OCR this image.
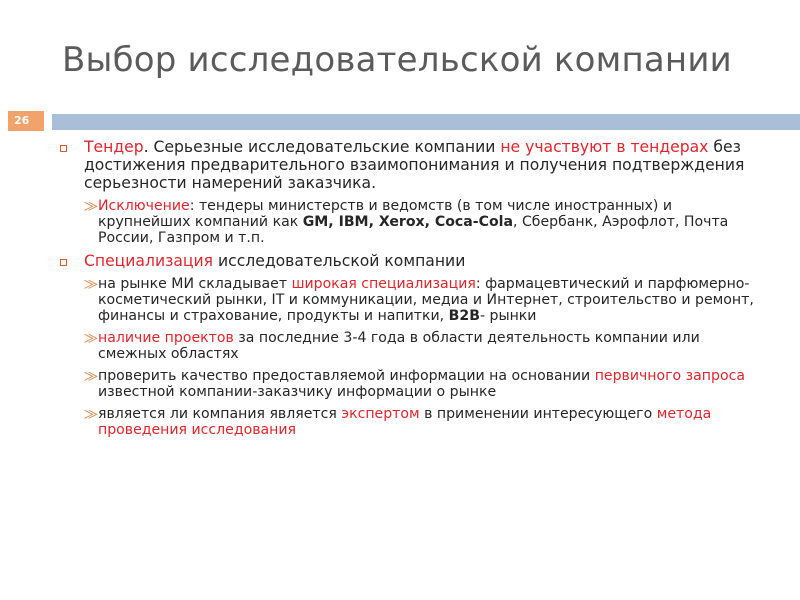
Выбор исследовательской компании
26
Тендер. Серьезные исследовательские компании не участвуют в тендерах без достижения предварительного взаимопонимания и получения подтверждения серьезности намерений заказчика.
⨠ Исключение: тендеры министерств и ведомств (в том числе иностранных) и крупнейших компаний как GM, IBM, Xerox, Coca-Cola, Сбербанк, Аэрофлот, Почта России, Газпром и т.п.
Специализация исследовательской компании
⨠ на рынке МИ складывает широкая специализация: фармацевтический и парфюмерно-косметический рынки, IT и коммуникации, медиа и Интернет, строительство и ремонт, финансы и страхование, продукты и напитки, B2B- рынки
⨠ наличие проектов за последние 3-4 года в области деятельность компании или смежных областях
⨠ проверить качество предоставляемой информации на основании первичного запроса известной компании-заказчику информации о рынке
⨠ является ли компания является экспертом в применении интересующего метода проведения исследования
